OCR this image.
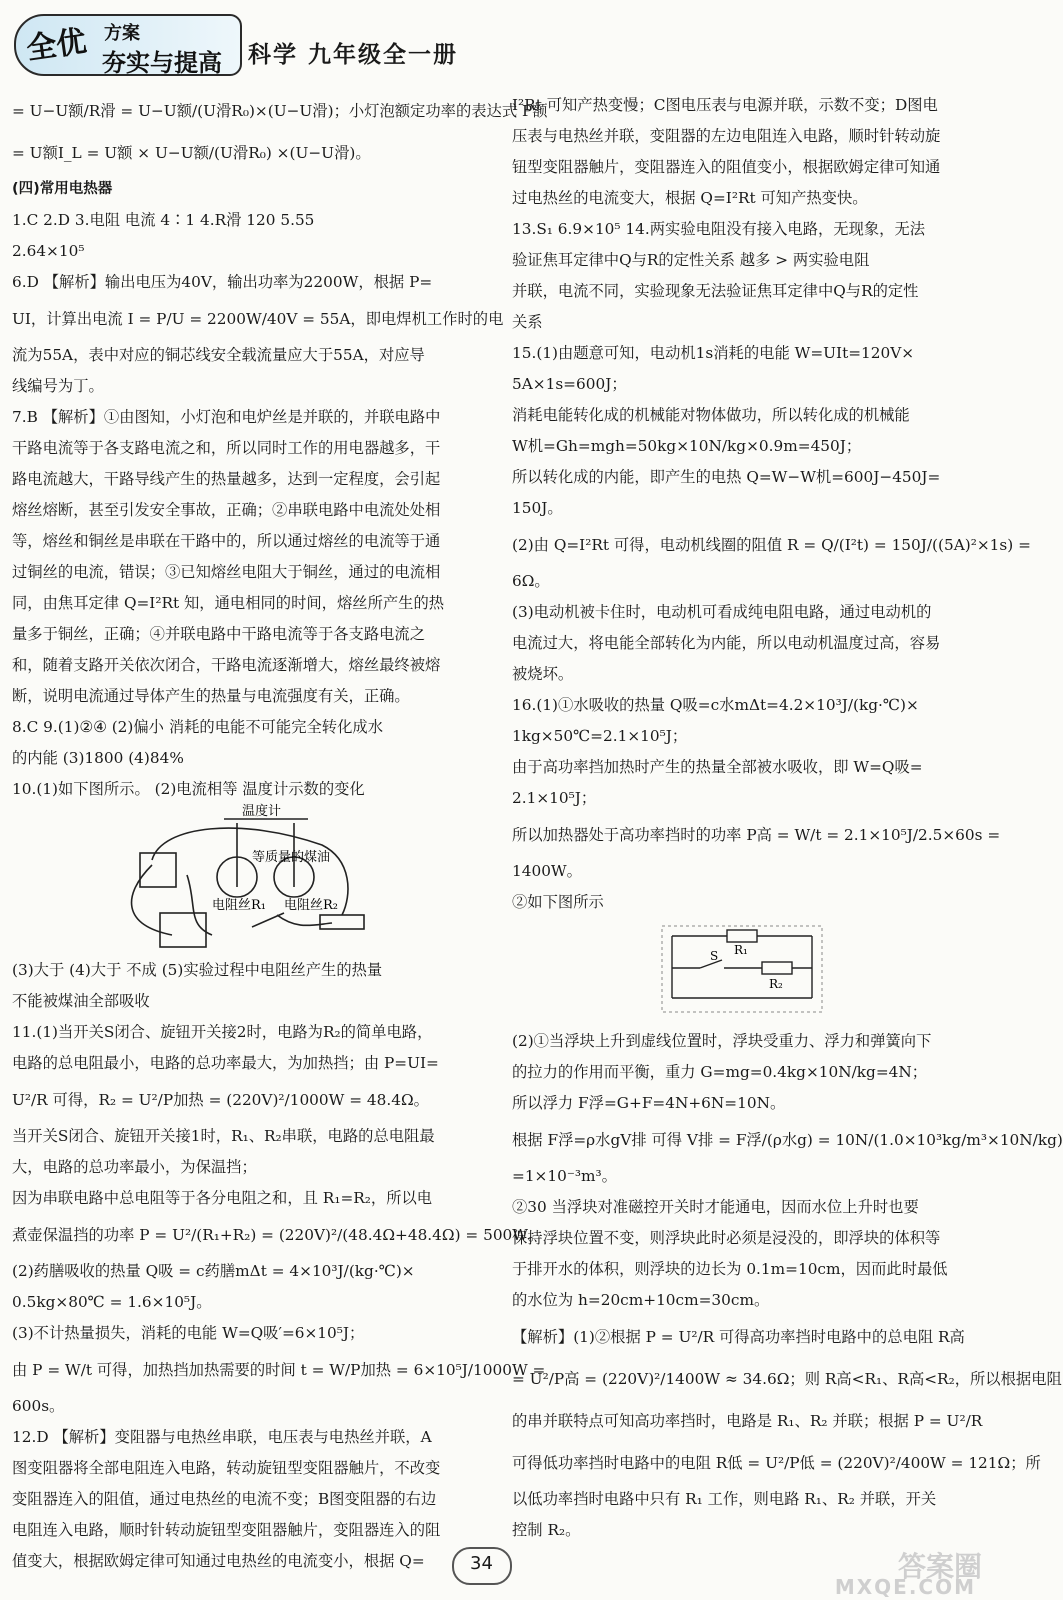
全优 方案
夯实与提高 科学 九年级全一册
= U−U额/R滑 = U−U额/(U滑R₀)×(U−U滑)；小灯泡额定功率的表达式 P额
= U额I_L = U额 × U−U额/(U滑R₀) ×(U−U滑)。
(四)常用电热器
1.C 2.D 3.电阻 电流 4∶1 4.R滑 120 5.55
2.64×10⁵
6.D 【解析】输出电压为40V，输出功率为2200W，根据 P=
UI，计算出电流 I = P/U = 2200W/40V = 55A，即电焊机工作时的电
流为55A，表中对应的铜芯线安全载流量应大于55A，对应导
线编号为丁。
7.B 【解析】①由图知，小灯泡和电炉丝是并联的，并联电路中
干路电流等于各支路电流之和，所以同时工作的用电器越多，干
路电流越大，干路导线产生的热量越多，达到一定程度，会引起
熔丝熔断，甚至引发安全事故，正确；②串联电路中电流处处相
等，熔丝和铜丝是串联在干路中的，所以通过熔丝的电流等于通
过铜丝的电流，错误；③已知熔丝电阻大于铜丝，通过的电流相
同，由焦耳定律 Q=I²Rt 知，通电相同的时间，熔丝所产生的热
量多于铜丝，正确；④并联电路中干路电流等于各支路电流之
和，随着支路开关依次闭合，干路电流逐渐增大，熔丝最终被熔
断，说明电流通过导体产生的热量与电流强度有关，正确。
8.C 9.(1)②④ (2)偏小 消耗的电能不可能完全转化成水
的内能 (3)1800 (4)84%
10.(1)如下图所示。 (2)电流相等 温度计示数的变化
温度计
等质量的煤油
电阻丝R₁ 电阻丝R₂
(3)大于 (4)大于 不成 (5)实验过程中电阻丝产生的热量
不能被煤油全部吸收
11.(1)当开关S闭合、旋钮开关接2时，电路为R₂的简单电路，
电路的总电阻最小，电路的总功率最大，为加热挡；由 P=UI=
U²/R 可得，R₂ = U²/P加热 = (220V)²/1000W = 48.4Ω。
当开关S闭合、旋钮开关接1时，R₁、R₂串联，电路的总电阻最
大，电路的总功率最小，为保温挡；
因为串联电路中总电阻等于各分电阻之和，且 R₁=R₂，所以电
煮壶保温挡的功率 P = U²/(R₁+R₂) = (220V)²/(48.4Ω+48.4Ω) = 500W。
(2)药膳吸收的热量 Q吸 = c药膳mΔt = 4×10³J/(kg·℃)×
0.5kg×80℃ = 1.6×10⁵J。
(3)不计热量损失，消耗的电能 W=Q吸′=6×10⁵J；
由 P = W/t 可得，加热挡加热需要的时间 t = W/P加热 = 6×10⁵J/1000W =
600s。
12.D 【解析】变阻器与电热丝串联，电压表与电热丝并联，A
图变阻器将全部电阻连入电路，转动旋钮型变阻器触片，不改变
变阻器连入的阻值，通过电热丝的电流不变；B图变阻器的右边
电阻连入电路，顺时针转动旋钮型变阻器触片，变阻器连入的阻
值变大，根据欧姆定律可知通过电热丝的电流变小，根据 Q=
I²Rt 可知产热变慢；C图电压表与电源并联，示数不变；D图电
压表与电热丝并联，变阻器的左边电阻连入电路，顺时针转动旋
钮型变阻器触片，变阻器连入的阻值变小，根据欧姆定律可知通
过电热丝的电流变大，根据 Q=I²Rt 可知产热变快。
13.S₁ 6.9×10⁵ 14.两实验电阻没有接入电路，无现象，无法
验证焦耳定律中Q与R的定性关系 越多 > 两实验电阻
并联，电流不同，实验现象无法验证焦耳定律中Q与R的定性
关系
15.(1)由题意可知，电动机1s消耗的电能 W=UIt=120V×
5A×1s=600J；
消耗电能转化成的机械能对物体做功，所以转化成的机械能
W机=Gh=mgh=50kg×10N/kg×0.9m=450J；
所以转化成的内能，即产生的电热 Q=W−W机=600J−450J=
150J。
(2)由 Q=I²Rt 可得，电动机线圈的阻值 R = Q/(I²t) = 150J/((5A)²×1s) =
6Ω。
(3)电动机被卡住时，电动机可看成纯电阻电路，通过电动机的
电流过大，将电能全部转化为内能，所以电动机温度过高，容易
被烧坏。
16.(1)①水吸收的热量 Q吸=c水mΔt=4.2×10³J/(kg·℃)×
1kg×50℃=2.1×10⁵J；
由于高功率挡加热时产生的热量全部被水吸收，即 W=Q吸=
2.1×10⁵J；
所以加热器处于高功率挡时的功率 P高 = W/t = 2.1×10⁵J/2.5×60s =
1400W。
②如下图所示
S R₁
R₂
(2)①当浮块上升到虚线位置时，浮块受重力、浮力和弹簧向下
的拉力的作用而平衡，重力 G=mg=0.4kg×10N/kg=4N；
所以浮力 F浮=G+F=4N+6N=10N。
根据 F浮=ρ水gV排 可得 V排 = F浮/(ρ水g) = 10N/(1.0×10³kg/m³×10N/kg)
=1×10⁻³m³。
②30 当浮块对准磁控开关时才能通电，因而水位上升时也要
保持浮块位置不变，则浮块此时必须是浸没的，即浮块的体积等
于排开水的体积，则浮块的边长为 0.1m=10cm，因而此时最低
的水位为 h=20cm+10cm=30cm。
【解析】(1)②根据 P = U²/R 可得高功率挡时电路中的总电阻 R高
= U²/P高 = (220V)²/1400W ≈ 34.6Ω；则 R高<R₁、R高<R₂，所以根据电阻
的串并联特点可知高功率挡时，电路是 R₁、R₂ 并联；根据 P = U²/R
可得低功率挡时电路中的电阻 R低 = U²/P低 = (220V)²/400W = 121Ω；所
以低功率挡时电路中只有 R₁ 工作，则电路 R₁、R₂ 并联，开关
控制 R₂。
34	答案圈
MXQE.COM
